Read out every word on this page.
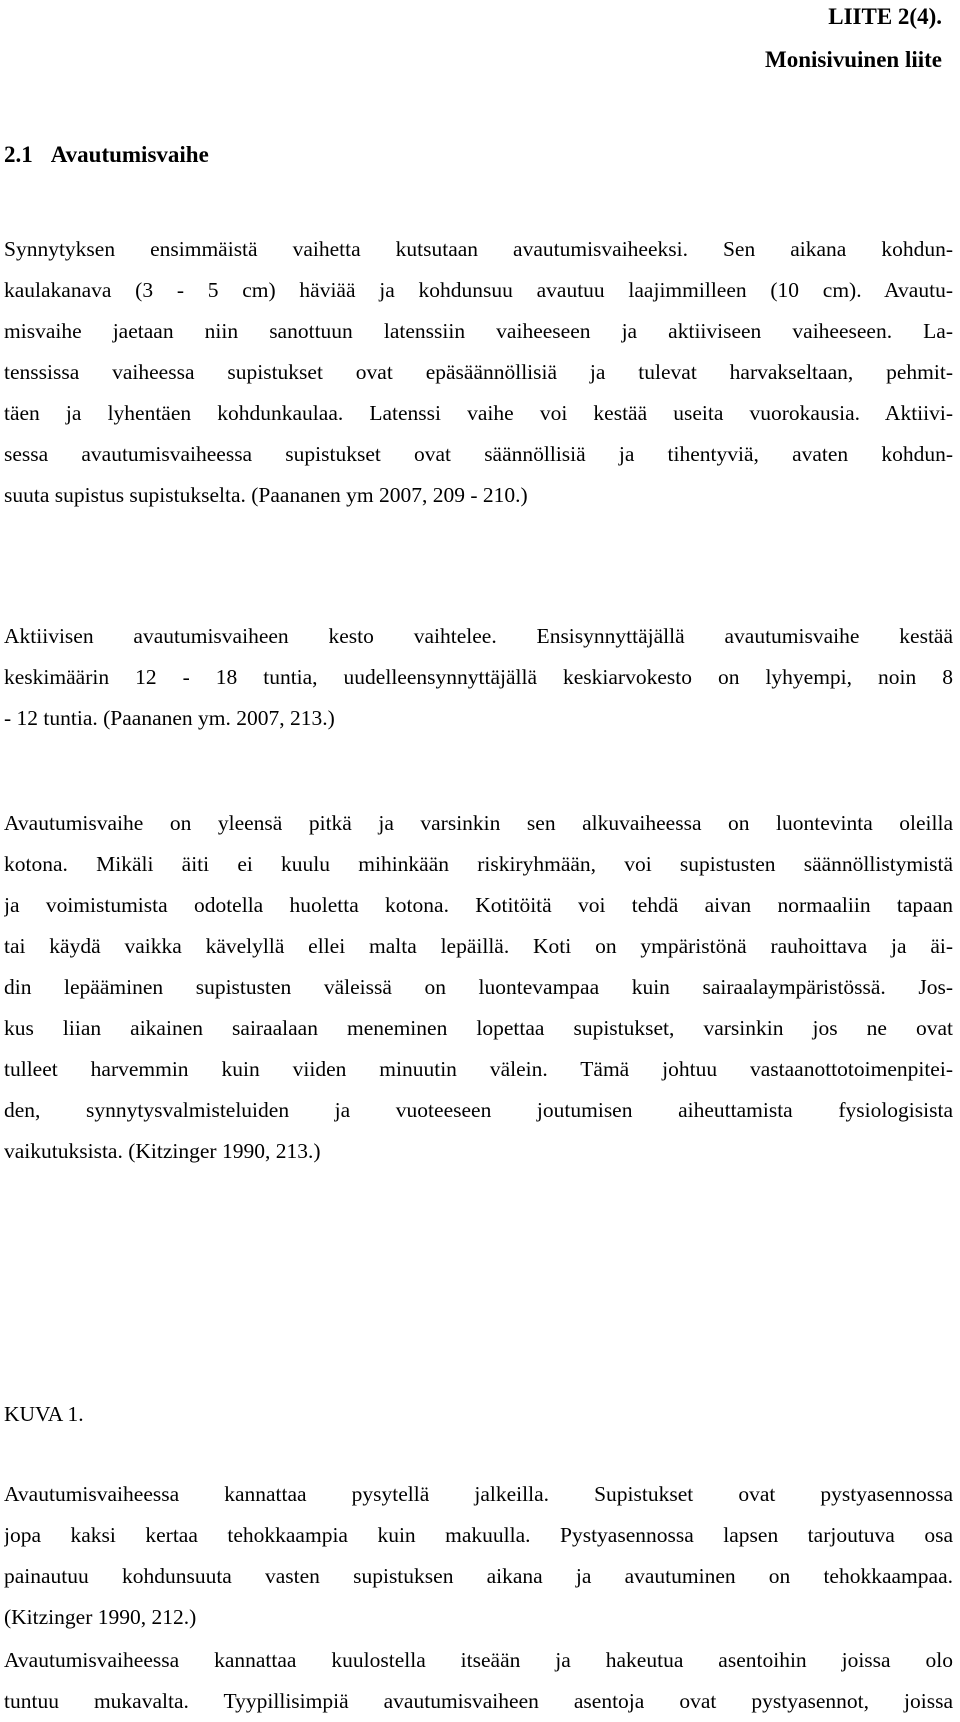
LIITE 2(4).
Monisivuinen liite
2.1 Avautumisvaihe
Synnytyksen ensimmäistä vaihetta kutsutaan avautumisvaiheeksi. Sen aikana kohdun-
kaulakanava (3 - 5 cm) häviää ja kohdunsuu avautuu laajimmilleen (10 cm). Avautu-
misvaihe jaetaan niin sanottuun latenssiin vaiheeseen ja aktiiviseen vaiheeseen. La-
tenssissa vaiheessa supistukset ovat epäsäännöllisiä ja tulevat harvakseltaan, pehmit-
täen ja lyhentäen kohdunkaulaa. Latenssi vaihe voi kestää useita vuorokausia. Aktiivi-
sessa avautumisvaiheessa supistukset ovat säännöllisiä ja tihentyviä, avaten kohdun-
suuta supistus supistukselta. (Paananen ym 2007, 209 - 210.)
Aktiivisen avautumisvaiheen kesto vaihtelee. Ensisynnyttäjällä avautumisvaihe kestää
keskimäärin 12 - 18 tuntia, uudelleensynnyttäjällä keskiarvokesto on lyhyempi, noin 8
- 12 tuntia. (Paananen ym. 2007, 213.)
Avautumisvaihe on yleensä pitkä ja varsinkin sen alkuvaiheessa on luontevinta oleilla
kotona. Mikäli äiti ei kuulu mihinkään riskiryhmään, voi supistusten säännöllistymistä
ja voimistumista odotella huoletta kotona. Kotitöitä voi tehdä aivan normaaliin tapaan
tai käydä vaikka kävelyllä ellei malta lepäillä. Koti on ympäristönä rauhoittava ja äi-
din lepääminen supistusten väleissä on luontevampaa kuin sairaalaympäristössä. Jos-
kus liian aikainen sairaalaan meneminen lopettaa supistukset, varsinkin jos ne ovat
tulleet harvemmin kuin viiden minuutin välein. Tämä johtuu vastaanottotoimenpitei-
den, synnytysvalmisteluiden ja vuoteeseen joutumisen aiheuttamista fysiologisista
vaikutuksista. (Kitzinger 1990, 213.)
KUVA 1.
Avautumisvaiheessa kannattaa pysytellä jalkeilla. Supistukset ovat pystyasennossa
jopa kaksi kertaa tehokkaampia kuin makuulla. Pystyasennossa lapsen tarjoutuva osa
painautuu kohdunsuuta vasten supistuksen aikana ja avautuminen on tehokkaampaa.
(Kitzinger 1990, 212.)
Avautumisvaiheessa kannattaa kuulostella itseään ja hakeutua asentoihin joissa olo
tuntuu mukavalta. Tyypillisimpiä avautumisvaiheen asentoja ovat pystyasennot, joissa
